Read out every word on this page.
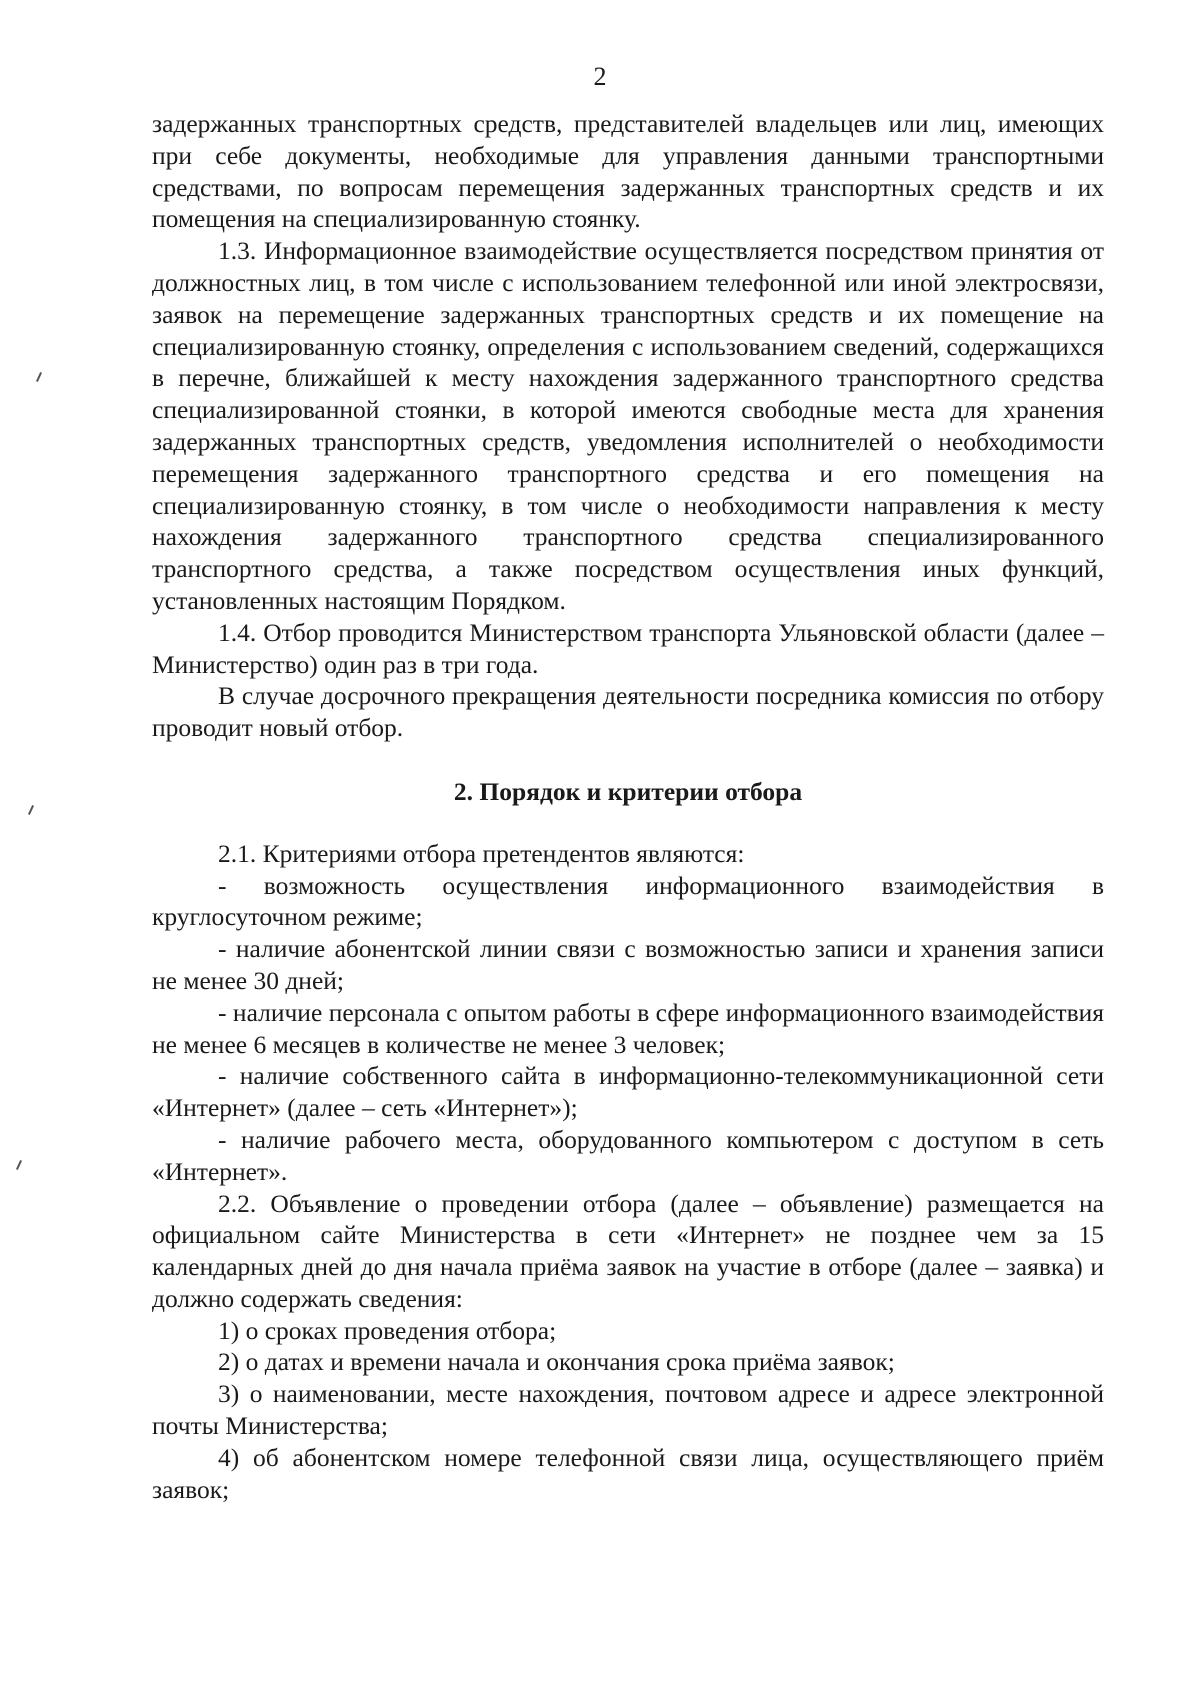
2

задержанных транспортных средств, представителей владельцев или лиц, имеющих при себе документы, необходимые для управления данными транспортными средствами, по вопросам перемещения задержанных транспортных средств и их помещения на специализированную стоянку.

1.3. Информационное взаимодействие осуществляется посредством принятия от должностных лиц, в том числе с использованием телефонной или иной электросвязи, заявок на перемещение задержанных транспортных средств и их помещение на специализированную стоянку, определения с использованием сведений, содержащихся в перечне, ближайшей к месту нахождения задержанного транспортного средства специализированной стоянки, в которой имеются свободные места для хранения задержанных транспортных средств, уведомления исполнителей о необходимости перемещения задержанного транспортного средства и его помещения на специализированную стоянку, в том числе о необходимости направления к месту нахождения задержанного транспортного средства специализированного транспортного средства, а также посредством осуществления иных функций, установленных настоящим Порядком.

1.4. Отбор проводится Министерством транспорта Ульяновской области (далее – Министерство) один раз в три года.

В случае досрочного прекращения деятельности посредника комиссия по отбору проводит новый отбор.

2. Порядок и критерии отбора

2.1. Критериями отбора претендентов являются:

- возможность осуществления информационного взаимодействия в круглосуточном режиме;

- наличие абонентской линии связи с возможностью записи и хранения записи не менее 30 дней;

- наличие персонала с опытом работы в сфере информационного взаимодействия не менее 6 месяцев в количестве не менее 3 человек;

- наличие собственного сайта в информационно-телекоммуникационной сети «Интернет» (далее – сеть «Интернет»);

- наличие рабочего места, оборудованного компьютером с доступом в сеть «Интернет».

2.2. Объявление о проведении отбора (далее – объявление) размещается на официальном сайте Министерства в сети «Интернет» не позднее чем за 15 календарных дней до дня начала приёма заявок на участие в отборе (далее – заявка) и должно содержать сведения:

1) о сроках проведения отбора;

2) о датах и времени начала и окончания срока приёма заявок;

3) о наименовании, месте нахождения, почтовом адресе и адресе электронной почты Министерства;

4) об абонентском номере телефонной связи лица, осуществляющего приём заявок;
